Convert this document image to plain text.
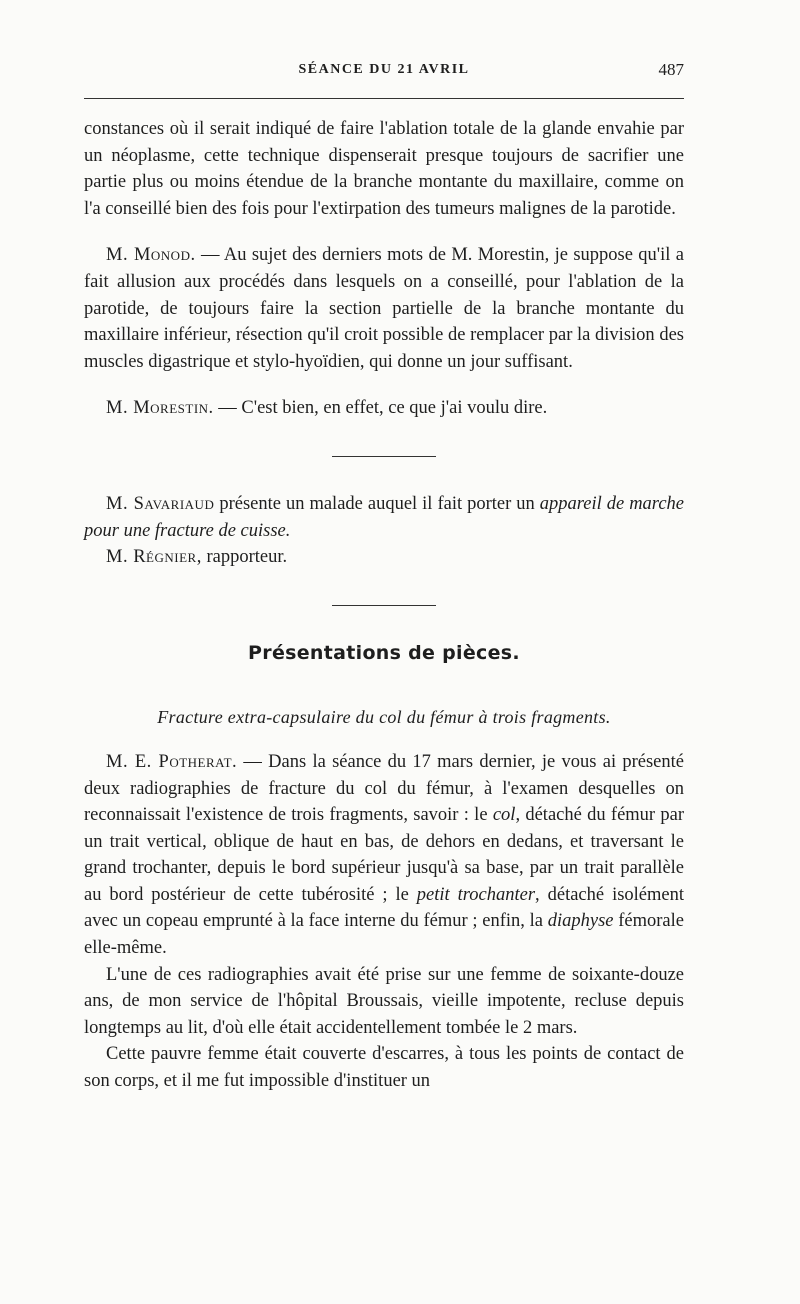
SÉANCE DU 21 AVRIL	487

constances où il serait indiqué de faire l'ablation totale de la glande envahie par un néoplasme, cette technique dispenserait presque toujours de sacrifier une partie plus ou moins étendue de la branche montante du maxillaire, comme on l'a conseillé bien des fois pour l'extirpation des tumeurs malignes de la parotide.

M. Monod. — Au sujet des derniers mots de M. Morestin, je suppose qu'il a fait allusion aux procédés dans lesquels on a conseillé, pour l'ablation de la parotide, de toujours faire la section partielle de la branche montante du maxillaire inférieur, résection qu'il croit possible de remplacer par la division des muscles digastrique et stylo-hyoïdien, qui donne un jour suffisant.

M. Morestin. — C'est bien, en effet, ce que j'ai voulu dire.

M. Savariaud présente un malade auquel il fait porter un appareil de marche pour une fracture de cuisse.

M. Régnier, rapporteur.

Présentations de pièces.
Fracture extra-capsulaire du col du fémur à trois fragments.

M. E. Potherat. — Dans la séance du 17 mars dernier, je vous ai présenté deux radiographies de fracture du col du fémur, à l'examen desquelles on reconnaissait l'existence de trois fragments, savoir : le col, détaché du fémur par un trait vertical, oblique de haut en bas, de dehors en dedans, et traversant le grand trochanter, depuis le bord supérieur jusqu'à sa base, par un trait parallèle au bord postérieur de cette tubérosité ; le petit trochanter, détaché isolément avec un copeau emprunté à la face interne du fémur ; enfin, la diaphyse fémorale elle-même.

L'une de ces radiographies avait été prise sur une femme de soixante-douze ans, de mon service de l'hôpital Broussais, vieille impotente, recluse depuis longtemps au lit, d'où elle était accidentellement tombée le 2 mars.

Cette pauvre femme était couverte d'escarres, à tous les points de contact de son corps, et il me fut impossible d'instituer un
